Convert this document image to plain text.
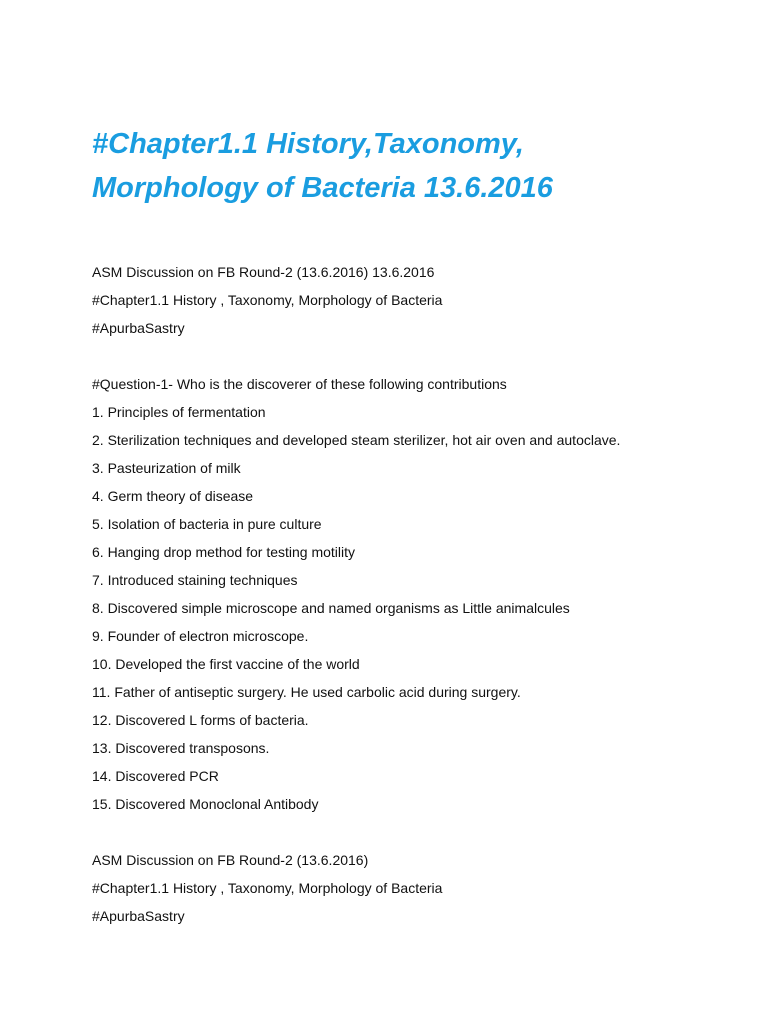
#Chapter1.1 History,Taxonomy,
Morphology of Bacteria 13.6.2016
ASM Discussion on FB Round-2 (13.6.2016) 13.6.2016
#Chapter1.1 History , Taxonomy, Morphology of Bacteria
#ApurbaSastry
#Question-1- Who is the discoverer of these following contributions
1. Principles of fermentation
2. Sterilization techniques and developed steam sterilizer, hot air oven and autoclave.
3. Pasteurization of milk
4. Germ theory of disease
5. Isolation of bacteria in pure culture
6. Hanging drop method for testing motility
7. Introduced staining techniques
8. Discovered simple microscope and named organisms as Little animalcules
9. Founder of electron microscope.
10. Developed the first vaccine of the world
11. Father of antiseptic surgery. He used carbolic acid during surgery.
12. Discovered L forms of bacteria.
13. Discovered transposons.
14. Discovered PCR
15. Discovered Monoclonal Antibody
ASM Discussion on FB Round-2 (13.6.2016)
#Chapter1.1 History , Taxonomy, Morphology of Bacteria
#ApurbaSastry
